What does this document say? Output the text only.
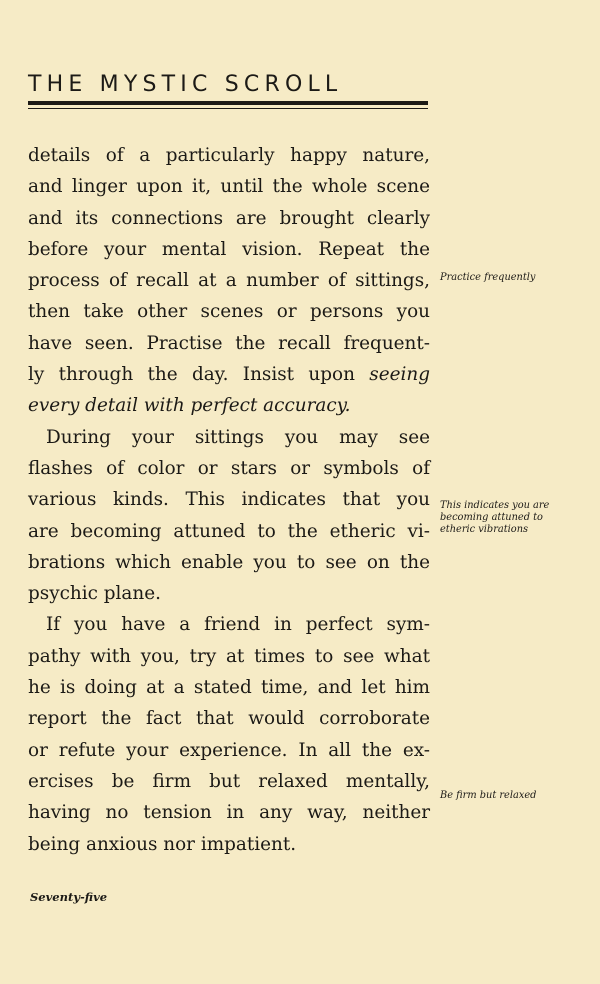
THE MYSTIC SCROLL
details of a particularly happy nature,
and linger upon it, until the whole scene
and its connections are brought clearly
before your mental vision. Repeat the
process of recall at a number of sittings,
then take other scenes or persons you
have seen. Practise the recall frequent-
ly through the day. Insist upon seeing
every detail with perfect accuracy.
During your sittings you may see
flashes of color or stars or symbols of
various kinds. This indicates that you
are becoming attuned to the etheric vi-
brations which enable you to see on the
psychic plane.
If you have a friend in perfect sym-
pathy with you, try at times to see what
he is doing at a stated time, and let him
report the fact that would corroborate
or refute your experience. In all the ex-
ercises be firm but relaxed mentally,
having no tension in any way, neither
being anxious nor impatient.
Practice frequently
This indicates you are
becoming attuned to
etheric vibrations
Be firm but relaxed
Seventy-five
